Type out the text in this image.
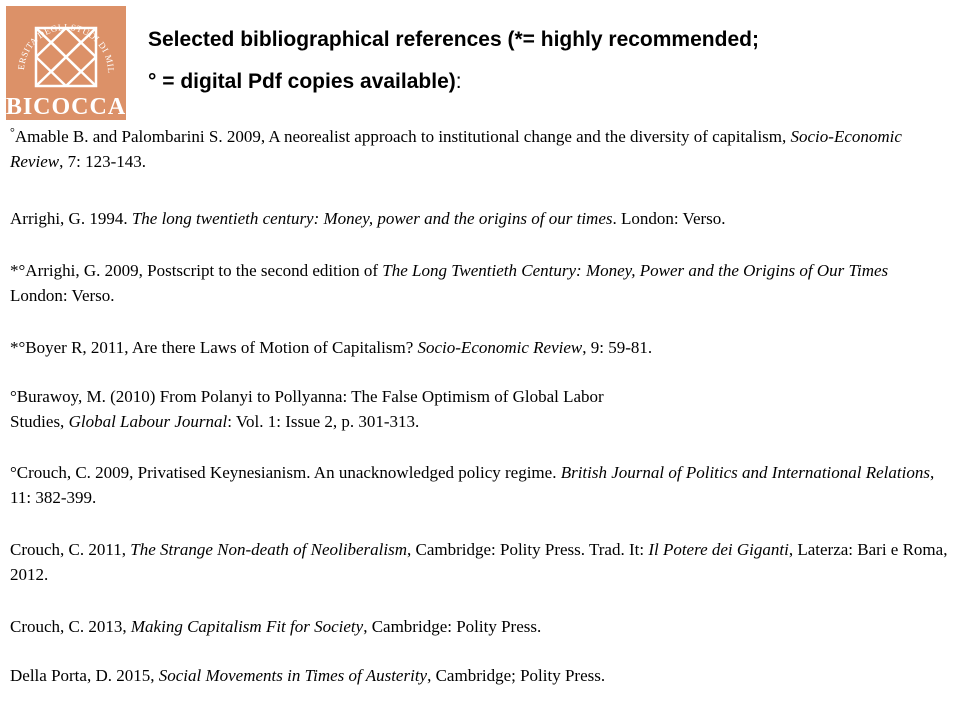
ERSITA DEGLI STUDI DI MIL
BICOCCA
Selected bibliographical references (*= highly recommended;
° = digital Pdf copies available):
°Amable B. and Palombarini S. 2009, A neorealist approach to institutional change and the diversity of capitalism, Socio-Economic Review, 7: 123-143.
Arrighi, G. 1994. The long twentieth century: Money, power and the origins of our times. London: Verso.
*°Arrighi, G. 2009, Postscript to the second edition of The Long Twentieth Century: Money, Power and the Origins of Our Times London: Verso.
*°Boyer R, 2011, Are there Laws of Motion of Capitalism? Socio-Economic Review, 9: 59-81.
°Burawoy, M. (2010) From Polanyi to Pollyanna: The False Optimism of Global Labor
Studies, Global Labour Journal: Vol. 1: Issue 2, p. 301-313.
°Crouch, C. 2009, Privatised Keynesianism. An unacknowledged policy regime. British Journal of Politics and International Relations, 11: 382-399.
Crouch, C. 2011, The Strange Non-death of Neoliberalism, Cambridge: Polity Press. Trad. It: Il Potere dei Giganti, Laterza: Bari e Roma, 2012.
Crouch, C. 2013, Making Capitalism Fit for Society, Cambridge: Polity Press.
Della Porta, D. 2015, Social Movements in Times of Austerity, Cambridge; Polity Press.
